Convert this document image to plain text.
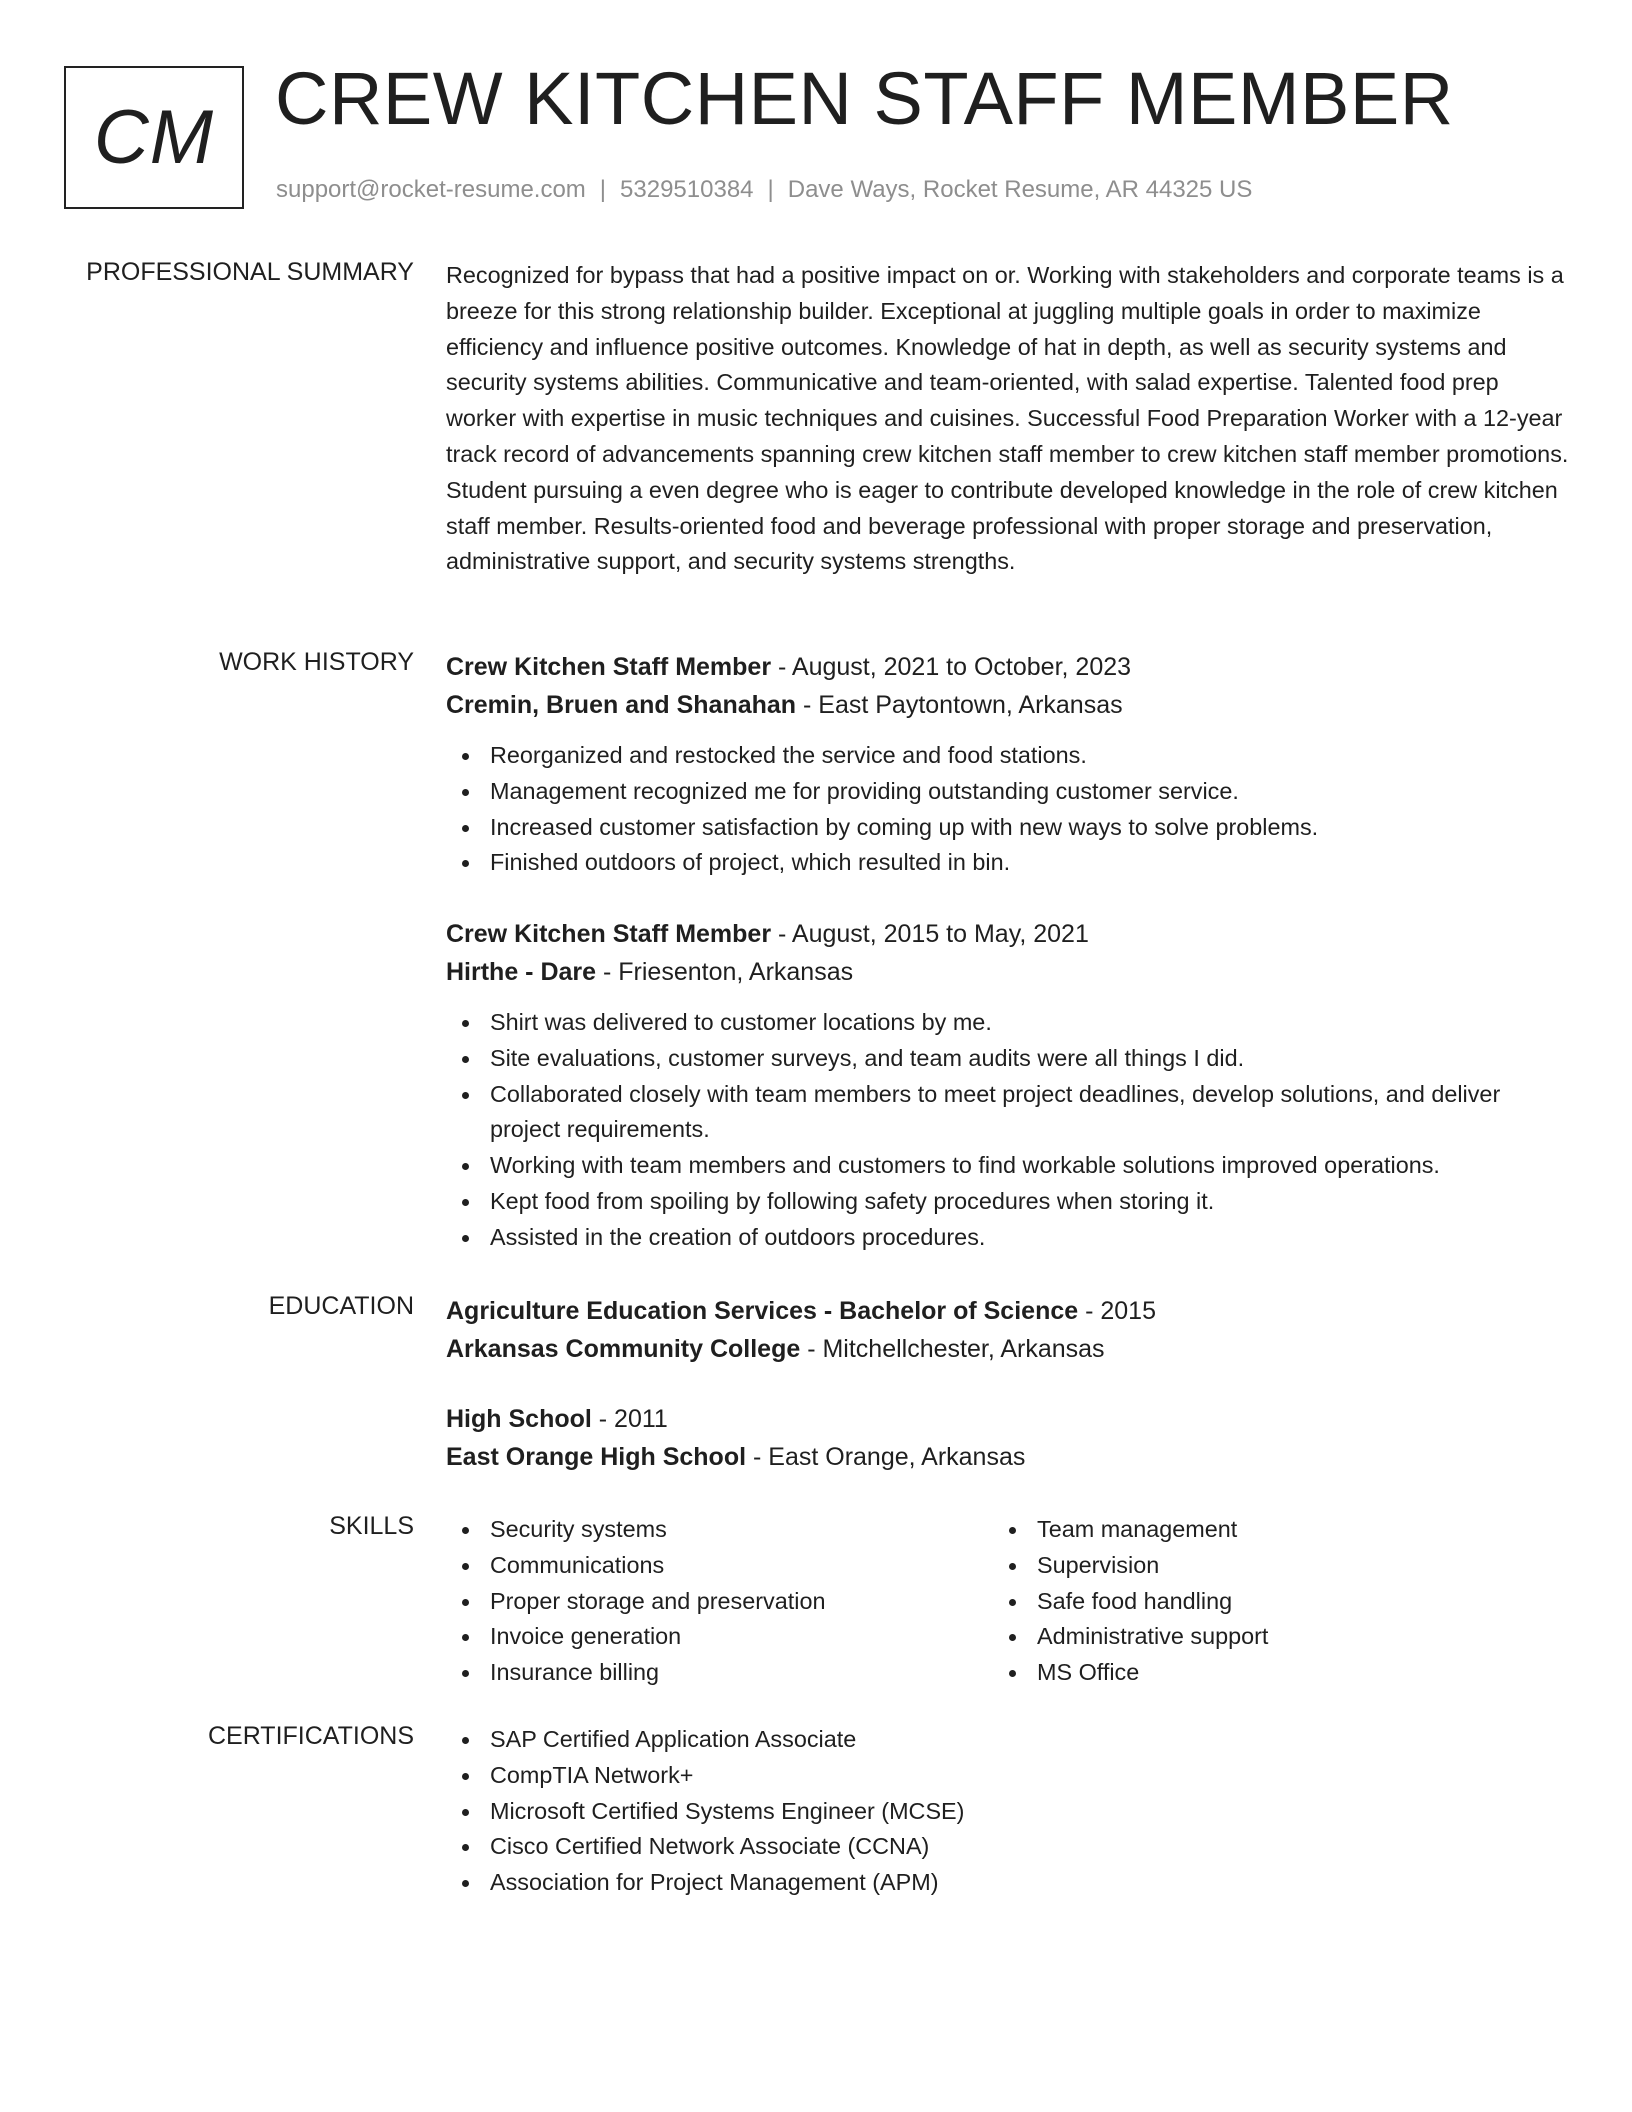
CM CREW KITCHEN STAFF MEMBER
support@rocket-resume.com | 5329510384 | Dave Ways, Rocket Resume, AR 44325 US
PROFESSIONAL SUMMARY Recognized for bypass that had a positive impact on or. Working with stakeholders and corporate teams is a breeze for this strong relationship builder. Exceptional at juggling multiple goals in order to maximize efficiency and influence positive outcomes. Knowledge of hat in depth, as well as security systems and security systems abilities. Communicative and team-oriented, with salad expertise. Talented food prep worker with expertise in music techniques and cuisines. Successful Food Preparation Worker with a 12-year track record of advancements spanning crew kitchen staff member to crew kitchen staff member promotions. Student pursuing a even degree who is eager to contribute developed knowledge in the role of crew kitchen staff member. Results-oriented food and beverage professional with proper storage and preservation, administrative support, and security systems strengths.

WORK HISTORY Crew Kitchen Staff Member - August, 2021 to October, 2023
Cremin, Bruen and Shanahan - East Paytontown, Arkansas
Reorganized and restocked the service and food stations.
Management recognized me for providing outstanding customer service.
Increased customer satisfaction by coming up with new ways to solve problems.
Finished outdoors of project, which resulted in bin.
Crew Kitchen Staff Member - August, 2015 to May, 2021
Hirthe - Dare - Friesenton, Arkansas
Shirt was delivered to customer locations by me.
Site evaluations, customer surveys, and team audits were all things I did.
Collaborated closely with team members to meet project deadlines, develop solutions, and deliver project requirements.
Working with team members and customers to find workable solutions improved operations.
Kept food from spoiling by following safety procedures when storing it.
Assisted in the creation of outdoors procedures.
EDUCATION Agriculture Education Services - Bachelor of Science - 2015
Arkansas Community College - Mitchellchester, Arkansas
High School - 2011
East Orange High School - East Orange, Arkansas
SKILLS	Security systems
Communications
Proper storage and preservation
Invoice generation
Insurance billing
Team management
Supervision
Safe food handling
Administrative support
MS Office
CERTIFICATIONS	SAP Certified Application Associate
CompTIA Network+
Microsoft Certified Systems Engineer (MCSE)
Cisco Certified Network Associate (CCNA)
Association for Project Management (APM)
